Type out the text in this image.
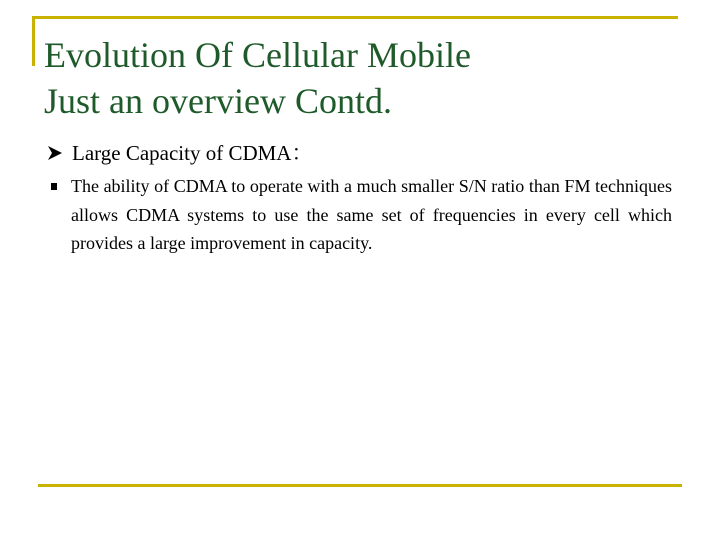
Evolution Of Cellular Mobile
Just an overview Contd.
Large Capacity of CDMA：
The ability of CDMA to operate with a much smaller S/N ratio than FM techniques allows CDMA systems to use the same set of frequencies in every cell which provides a large improvement in capacity.
